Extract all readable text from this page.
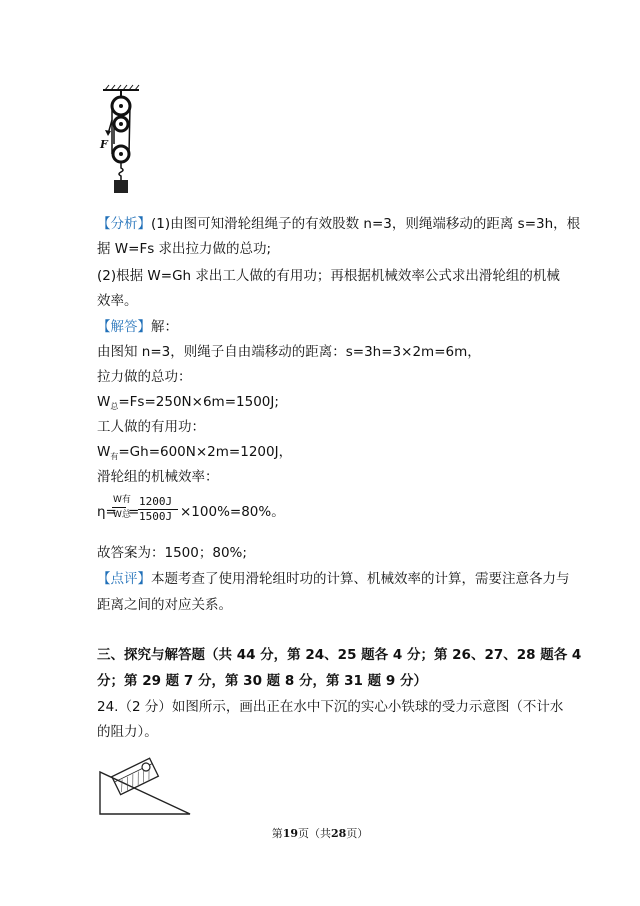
F
【分析】(1)由图可知滑轮组绳子的有效股数 n=3，则绳端移动的距离 s=3h，根
据 W=Fs 求出拉力做的总功;
(2)根据 W=Gh 求出工人做的有用功；再根据机械效率公式求出滑轮组的机械
效率。
【解答】解：
由图知 n=3，则绳子自由端移动的距离：s=3h=3×2m=6m，
拉力做的总功：
$W_总=Fs=250N\times 6m=1500J$;
工人做的有用功：
$W_有=Gh=600N\times 2m=1200J$，
滑轮组的机械效率：
η=
W有
W总
=
1200J
1500J ×100%=80%。
故答案为：1500；80%;
【点评】本题考查了使用滑轮组时功的计算、机械效率的计算，需要注意各力与
距离之间的对应关系。
三、探究与解答题（共 44 分，第 24、25 题各 4 分；第 26、27、28 题各 4
分；第 29 题 7 分，第 30 题 8 分，第 31 题 9 分）
24.（2 分）如图所示，画出正在水中下沉的实心小铁球的受力示意图（不计水
的阻力）。
第19页（共28页）
